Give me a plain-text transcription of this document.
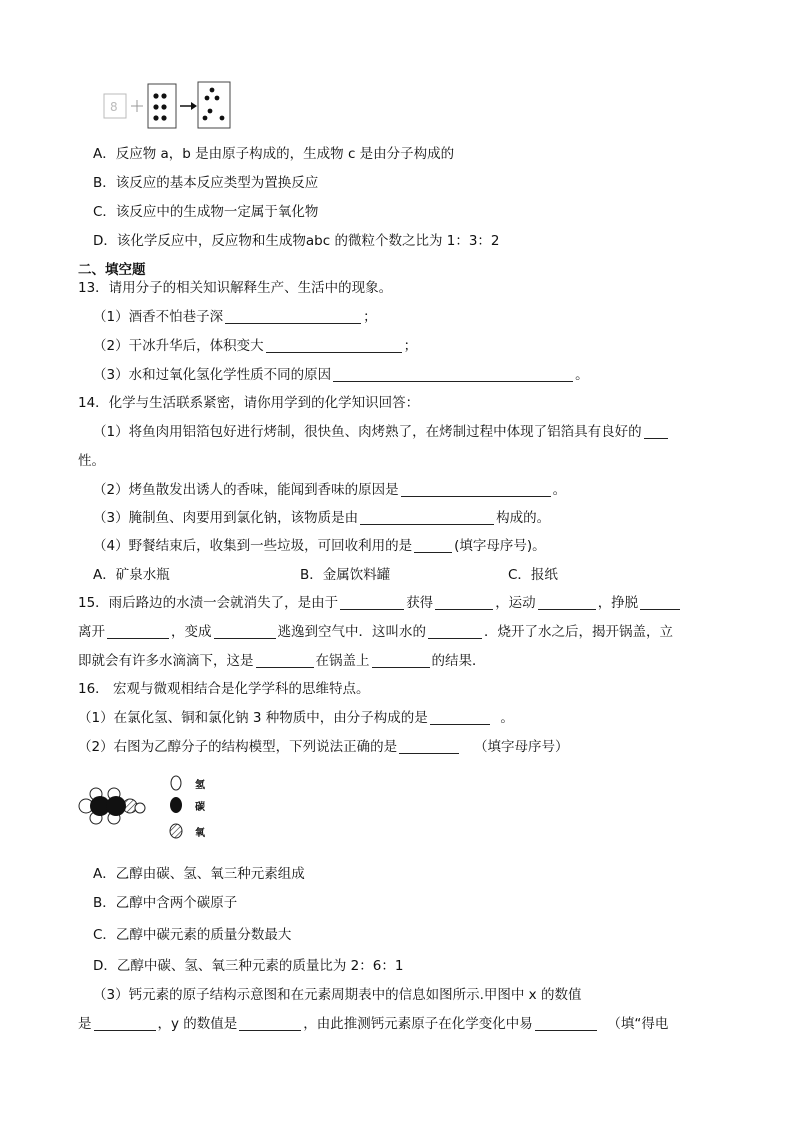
8
A．反应物 a，b 是由原子构成的，生成物 c 是由分子构成的
B．该反应的基本反应类型为置换反应
C．该反应中的生成物一定属于氧化物
D．该化学反应中，反应物和生成物abc 的微粒个数之比为 1：3：2
二、填空题
13．请用分子的相关知识解释生产、生活中的现象。
（1）酒香不怕巷子深	；
（2）干冰升华后，体积变大	；
（3）水和过氧化氢化学性质不同的原因	。
14．化学与生活联系紧密，请你用学到的化学知识回答：
（1）将鱼肉用铝箔包好进行烤制，很快鱼、肉烤熟了，在烤制过程中体现了铝箔具有良好的
性。
（2）烤鱼散发出诱人的香味，能闻到香味的原因是	。
（3）腌制鱼、肉要用到氯化钠，该物质是由	构成的。
（4）野餐结束后，收集到一些垃圾，可回收利用的是	(填字母序号)。
A．矿泉水瓶	B．金属饮料罐	C．报纸
15．雨后路边的水渍一会就消失了，是由于	获得	，运动	，挣脱
离开	，变成	逃逸到空气中．这叫水的	．烧开了水之后，揭开锅盖，立
即就会有许多水滴滴下，这是	在锅盖上	的结果．
16． 宏观与微观相结合是化学学科的思维特点。
（1）在氯化氢、铜和氯化钠 3 种物质中，由分子构成的是	。
（2）右图为乙醇分子的结构模型，下列说法正确的是	（填字母序号）
氢
碳
氧
A．乙醇由碳、氢、氧三种元素组成
B．乙醇中含两个碳原子
C．乙醇中碳元素的质量分数最大
D．乙醇中碳、氢、氧三种元素的质量比为 2：6：1
（3）钙元素的原子结构示意图和在元素周期表中的信息如图所示.甲图中 x 的数值
是	，y 的数值是	，由此推测钙元素原子在化学变化中易	（填“得电
